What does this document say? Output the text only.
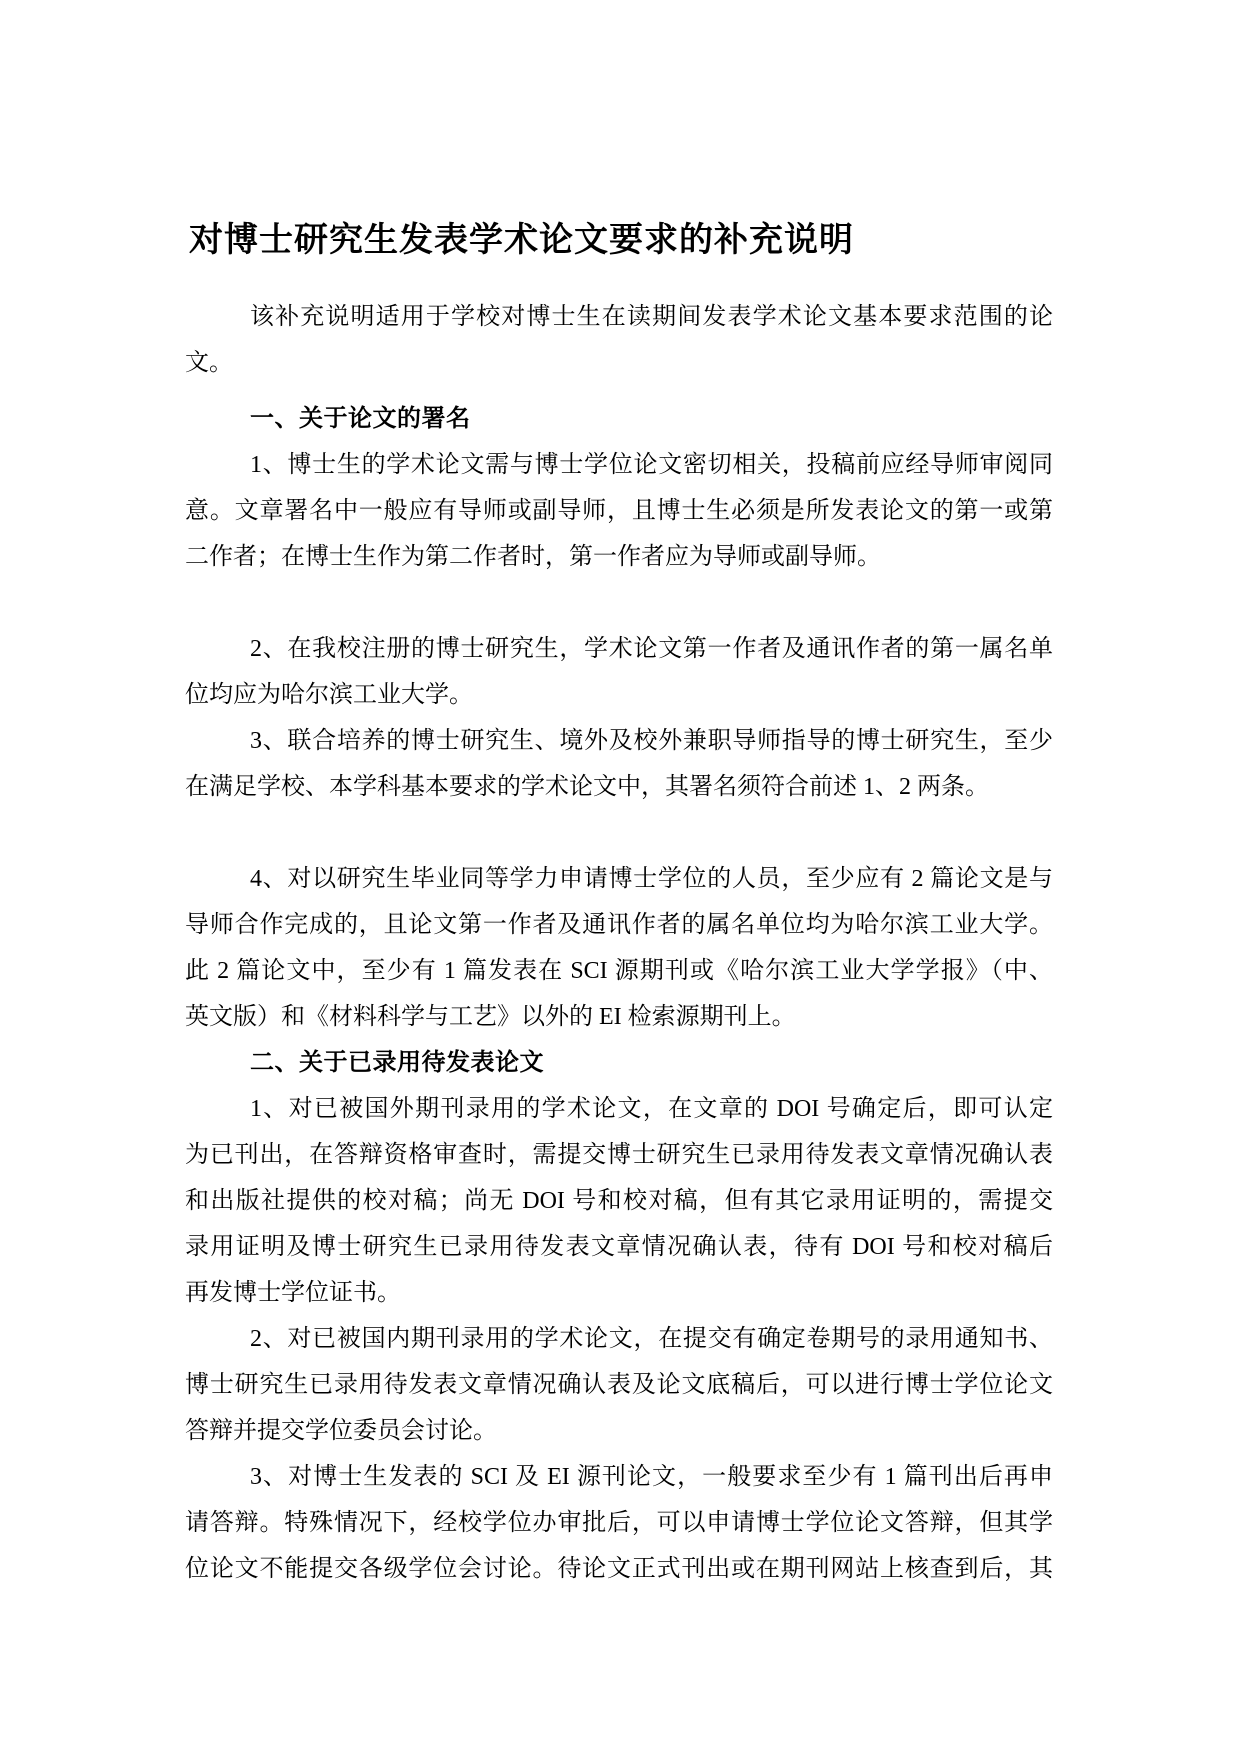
对博士研究生发表学术论文要求的补充说明
该补充说明适用于学校对博士生在读期间发表学术论文基本要求范围的论
文。
一、关于论文的署名
1、博士生的学术论文需与博士学位论文密切相关，投稿前应经导师审阅同
意。文章署名中一般应有导师或副导师，且博士生必须是所发表论文的第一或第
二作者；在博士生作为第二作者时，第一作者应为导师或副导师。
2、在我校注册的博士研究生，学术论文第一作者及通讯作者的第一属名单
位均应为哈尔滨工业大学。
3、联合培养的博士研究生、境外及校外兼职导师指导的博士研究生，至少
在满足学校、本学科基本要求的学术论文中，其署名须符合前述 1、2 两条。
4、对以研究生毕业同等学力申请博士学位的人员，至少应有 2 篇论文是与
导师合作完成的，且论文第一作者及通讯作者的属名单位均为哈尔滨工业大学。
此 2 篇论文中，至少有 1 篇发表在 SCI 源期刊或《哈尔滨工业大学学报》（中、
英文版）和《材料科学与工艺》以外的 EI 检索源期刊上。
二、关于已录用待发表论文
1、对已被国外期刊录用的学术论文，在文章的 DOI 号确定后，即可认定
为已刊出，在答辩资格审查时，需提交博士研究生已录用待发表文章情况确认表
和出版社提供的校对稿；尚无 DOI 号和校对稿，但有其它录用证明的，需提交
录用证明及博士研究生已录用待发表文章情况确认表，待有 DOI 号和校对稿后
再发博士学位证书。
2、对已被国内期刊录用的学术论文，在提交有确定卷期号的录用通知书、
博士研究生已录用待发表文章情况确认表及论文底稿后，可以进行博士学位论文
答辩并提交学位委员会讨论。
3、对博士生发表的 SCI 及 EI 源刊论文，一般要求至少有 1 篇刊出后再申
请答辩。特殊情况下，经校学位办审批后，可以申请博士学位论文答辩，但其学
位论文不能提交各级学位会讨论。待论文正式刊出或在期刊网站上核查到后，其
